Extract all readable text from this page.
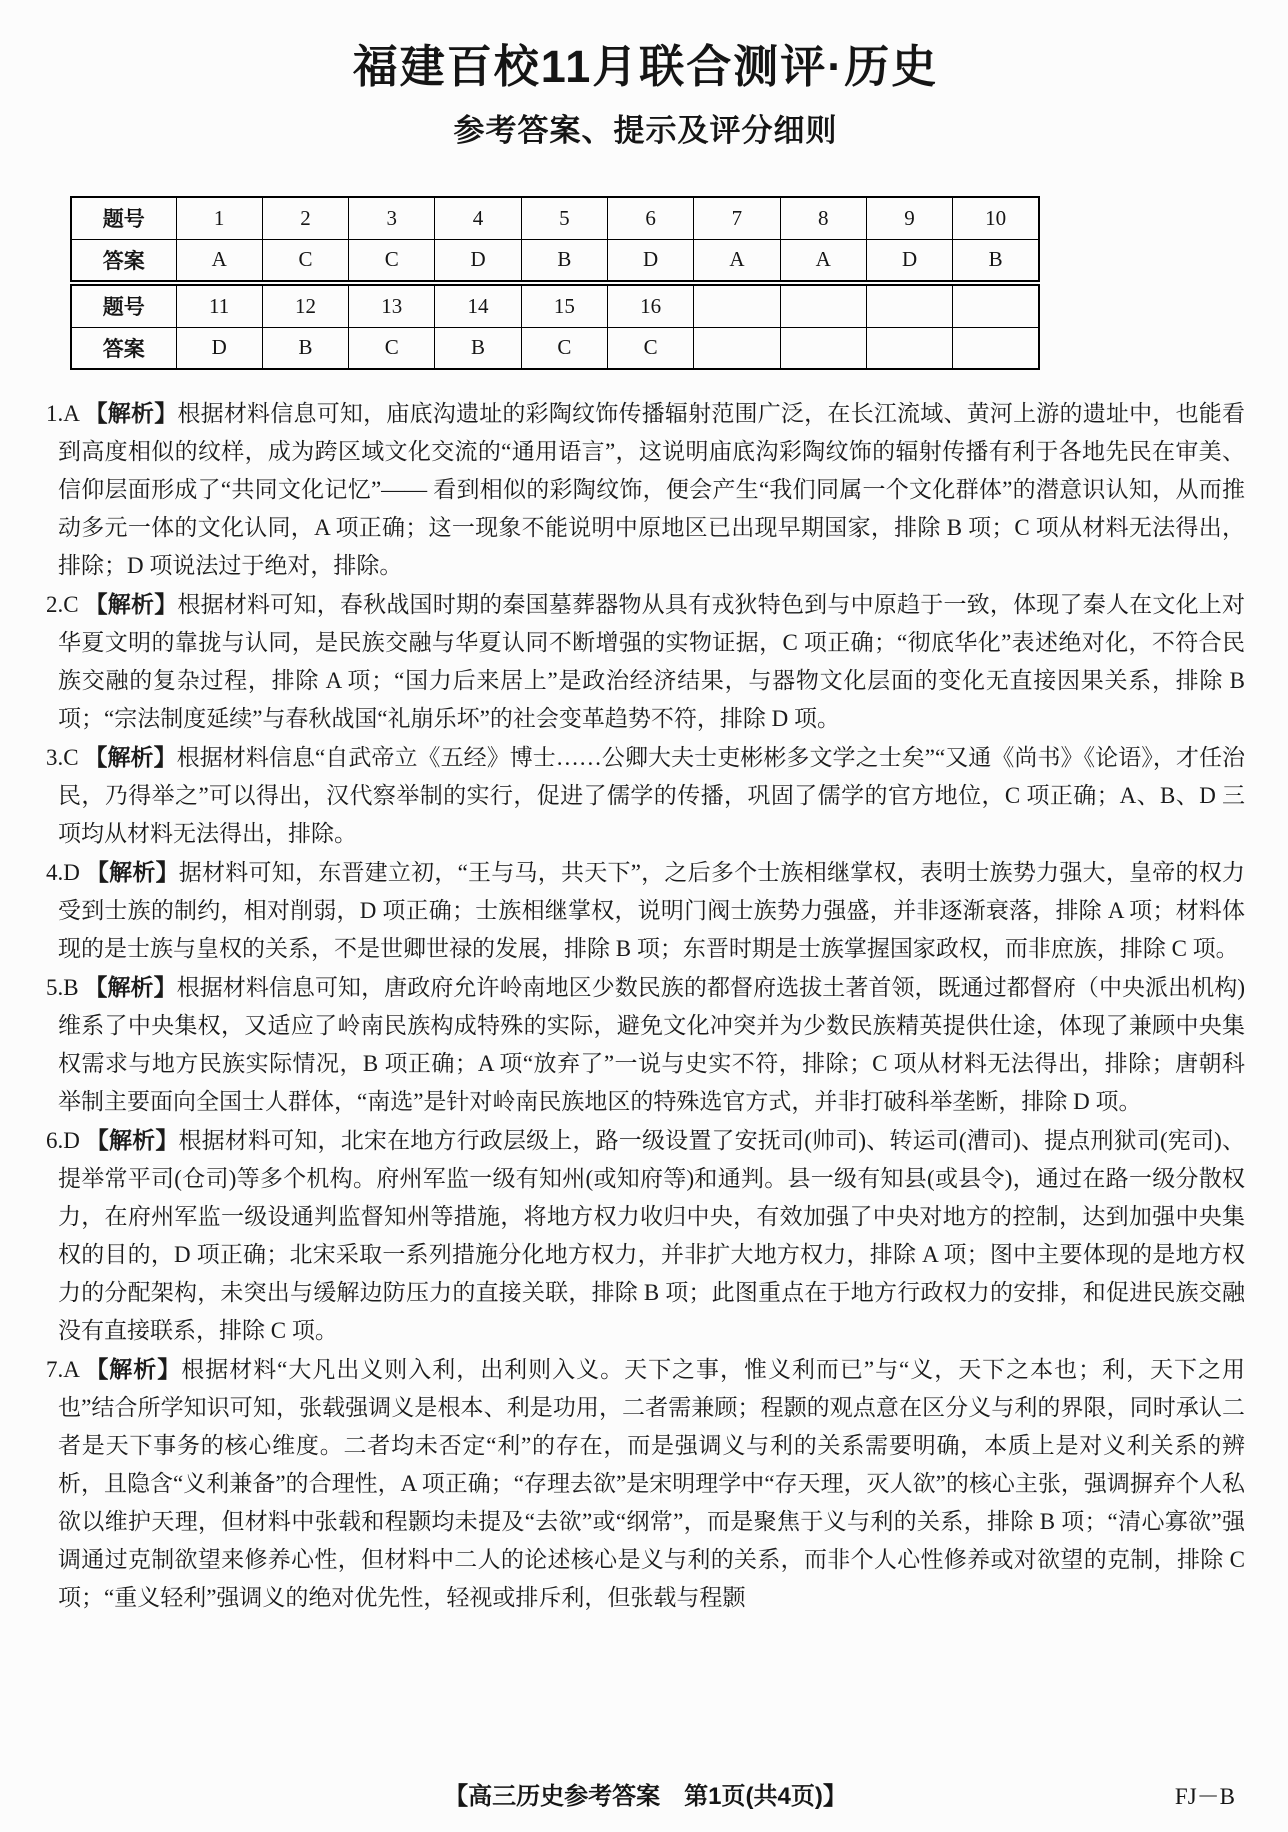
福建百校11月联合测评·历史
参考答案、提示及评分细则
题号	1	2	3	4	5	6	7	8	9	10
答案	A	C	C	D	B	D	A	A	D	B
题号	11	12	13	14	15	16				
答案	D	B	C	B	C	C				

1.A 【解析】根据材料信息可知，庙底沟遗址的彩陶纹饰传播辐射范围广泛，在长江流域、黄河上游的遗址中，也能看到高度相似的纹样，成为跨区域文化交流的“通用语言”，这说明庙底沟彩陶纹饰的辐射传播有利于各地先民在审美、信仰层面形成了“共同文化记忆”—— 看到相似的彩陶纹饰，便会产生“我们同属一个文化群体”的潜意识认知，从而推动多元一体的文化认同，A 项正确；这一现象不能说明中原地区已出现早期国家，排除 B 项；C 项从材料无法得出，排除；D 项说法过于绝对，排除。

2.C 【解析】根据材料可知，春秋战国时期的秦国墓葬器物从具有戎狄特色到与中原趋于一致，体现了秦人在文化上对华夏文明的靠拢与认同，是民族交融与华夏认同不断增强的实物证据，C 项正确；“彻底华化”表述绝对化，不符合民族交融的复杂过程，排除 A 项；“国力后来居上”是政治经济结果，与器物文化层面的变化无直接因果关系，排除 B 项；“宗法制度延续”与春秋战国“礼崩乐坏”的社会变革趋势不符，排除 D 项。

3.C 【解析】根据材料信息“自武帝立《五经》博士……公卿大夫士吏彬彬多文学之士矣”“又通《尚书》《论语》，才任治民，乃得举之”可以得出，汉代察举制的实行，促进了儒学的传播，巩固了儒学的官方地位，C 项正确；A、B、D 三项均从材料无法得出，排除。

4.D 【解析】据材料可知，东晋建立初，“王与马，共天下”，之后多个士族相继掌权，表明士族势力强大，皇帝的权力受到士族的制约，相对削弱，D 项正确；士族相继掌权，说明门阀士族势力强盛，并非逐渐衰落，排除 A 项；材料体现的是士族与皇权的关系，不是世卿世禄的发展，排除 B 项；东晋时期是士族掌握国家政权，而非庶族，排除 C 项。

5.B 【解析】根据材料信息可知，唐政府允许岭南地区少数民族的都督府选拔土著首领，既通过都督府（中央派出机构)维系了中央集权，又适应了岭南民族构成特殊的实际，避免文化冲突并为少数民族精英提供仕途，体现了兼顾中央集权需求与地方民族实际情况，B 项正确；A 项“放弃了”一说与史实不符，排除；C 项从材料无法得出，排除；唐朝科举制主要面向全国士人群体，“南选”是针对岭南民族地区的特殊选官方式，并非打破科举垄断，排除 D 项。

6.D 【解析】根据材料可知，北宋在地方行政层级上，路一级设置了安抚司(帅司)、转运司(漕司)、提点刑狱司(宪司)、提举常平司(仓司)等多个机构。府州军监一级有知州(或知府等)和通判。县一级有知县(或县令)，通过在路一级分散权力，在府州军监一级设通判监督知州等措施，将地方权力收归中央，有效加强了中央对地方的控制，达到加强中央集权的目的，D 项正确；北宋采取一系列措施分化地方权力，并非扩大地方权力，排除 A 项；图中主要体现的是地方权力的分配架构，未突出与缓解边防压力的直接关联，排除 B 项；此图重点在于地方行政权力的安排，和促进民族交融没有直接联系，排除 C 项。

7.A 【解析】根据材料“大凡出义则入利，出利则入义。天下之事，惟义利而已”与“义，天下之本也；利，天下之用也”结合所学知识可知，张载强调义是根本、利是功用，二者需兼顾；程颢的观点意在区分义与利的界限，同时承认二者是天下事务的核心维度。二者均未否定“利”的存在，而是强调义与利的关系需要明确，本质上是对义利关系的辨析，且隐含“义利兼备”的合理性，A 项正确；“存理去欲”是宋明理学中“存天理，灭人欲”的核心主张，强调摒弃个人私欲以维护天理，但材料中张载和程颢均未提及“去欲”或“纲常”，而是聚焦于义与利的关系，排除 B 项；“清心寡欲”强调通过克制欲望来修养心性，但材料中二人的论述核心是义与利的关系，而非个人心性修养或对欲望的克制，排除 C 项；“重义轻利”强调义的绝对优先性，轻视或排斥利，但张载与程颢

【高三历史参考答案　第1页(共4页)】	FJ－B
